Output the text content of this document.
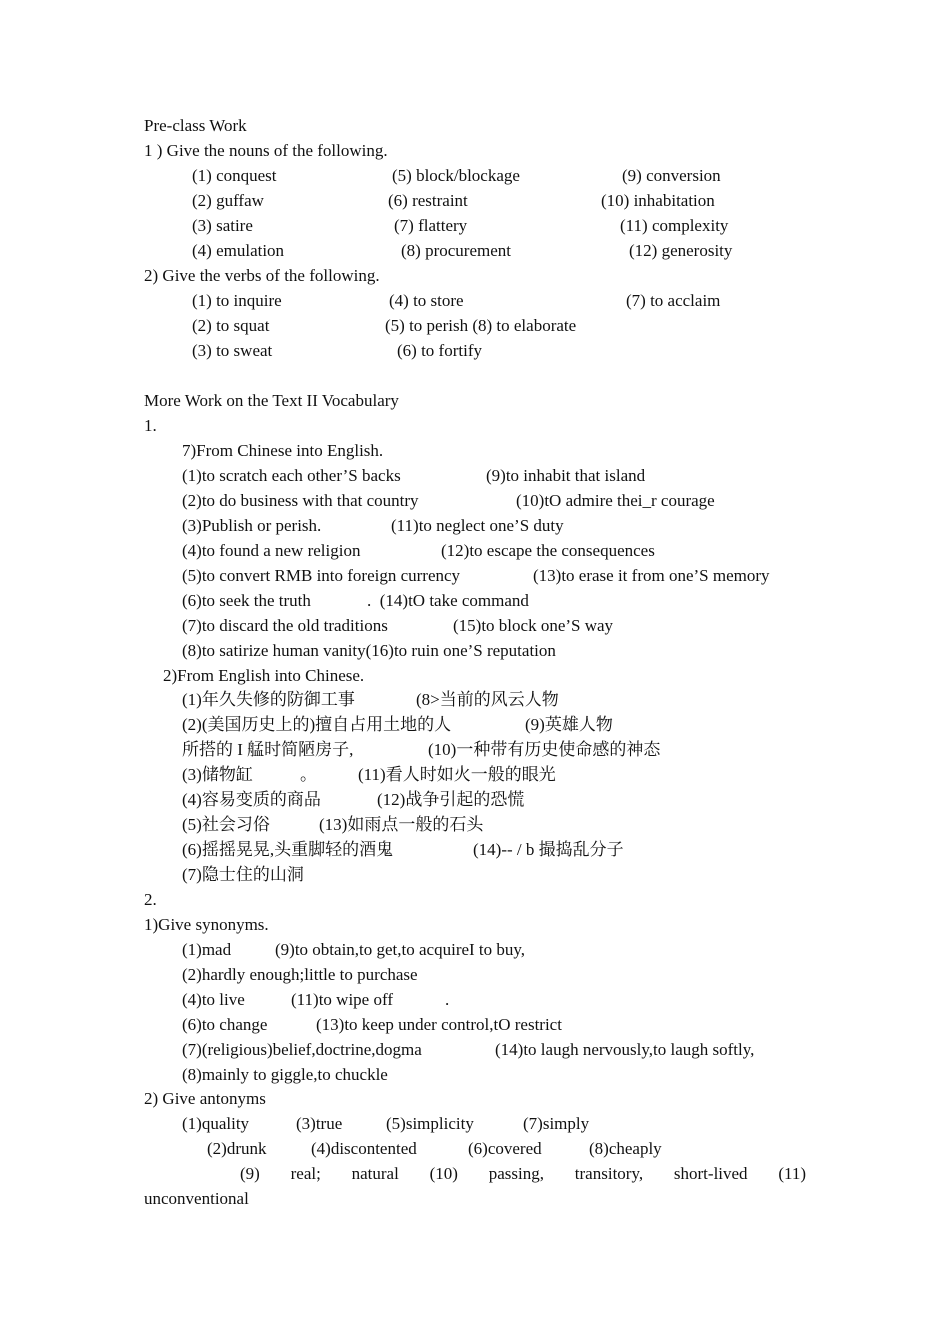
Pre-class Work
1 ) Give the nouns of the following.
(1) conquest	(5) block/blockage	(9) conversion
(2) guffaw	(6) restraint	(10) inhabitation
(3) satire	(7) flattery	(11) complexity
(4) emulation	(8) procurement	(12) generosity
2) Give the verbs of the following.
(1) to inquire	(4) to store	(7) to acclaim
(2) to squat	(5) to perish (8) to elaborate
(3) to sweat	(6) to fortify
More Work on the Text II Vocabulary
1.
7)From Chinese into English.
(1)to scratch each other’S backs	(9)to inhabit that island
(2)to do business with that country	(10)tO admire thei_r courage
(3)Publish or perish.	(11)to neglect one’S duty
(4)to found a new religion	(12)to escape the consequences
(5)to convert RMB into foreign currency	(13)to erase it from one’S memory
(6)to seek the truth	.  (14)tO take command
(7)to discard the old traditions	(15)to block one’S way
(8)to satirize human vanity(16)to ruin one’S reputation
2)From English into Chinese.
(1)年久失修的防御工事	(8>当前的风云人物
(2)(美国历史上的)擅自占用土地的人	(9)英雄人物
所搭的 I 艋时简陋房子,	(10)一种带有历史使命感的神态
(3)储物缸	。 (11)看人时如火一般的眼光
(4)容易变质的商品	(12)战争引起的恐慌
(5)社会习俗	(13)如雨点一般的石头
(6)摇摇晃晃,头重脚轻的酒鬼	(14)-- / b 撮捣乱分子
(7)隐士住的山洞
2.
1)Give synonyms.
(1)mad	(9)to obtain,to get,to acquireI to buy,
(2)hardly enough;little to purchase
(4)to live	(11)to wipe off	.
(6)to change	(13)to keep under control,tO restrict
(7)(religious)belief,doctrine,dogma	(14)to laugh nervously,to laugh softly,
(8)mainly to giggle,to chuckle
2) Give antonyms
(1)quality	(3)true	(5)simplicity	(7)simply
(2)drunk	(4)discontented	(6)covered	(8)cheaply
(9) real; natural (10) passing, transitory, short-lived (11)
unconventional
